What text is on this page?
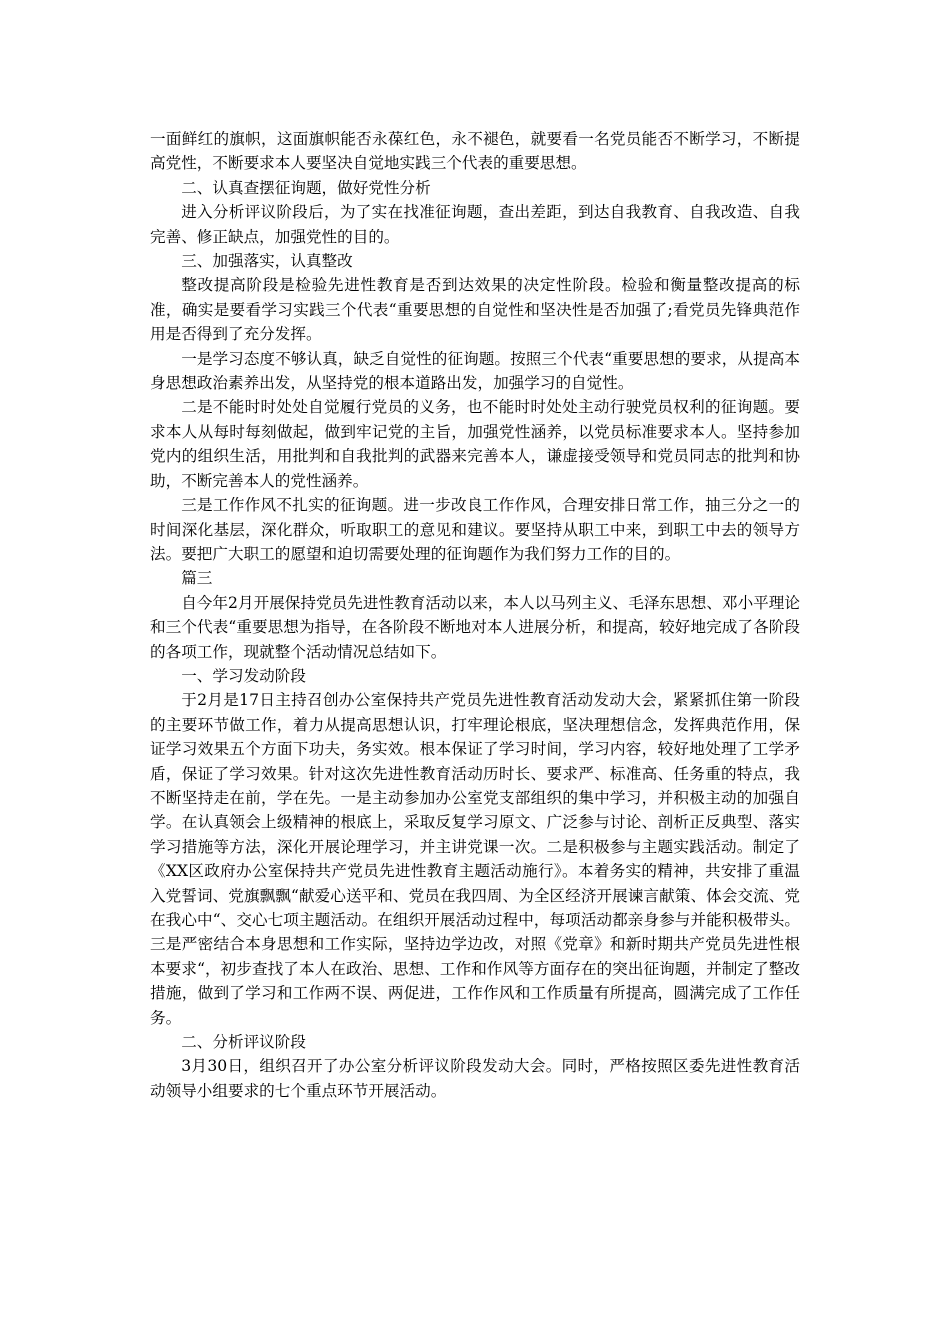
一面鲜红的旗帜，这面旗帜能否永葆红色，永不褪色，就要看一名党员能否不断学习，不断提高党性，不断要求本人要坚决自觉地实践三个代表的重要思想。

二、认真查摆征询题，做好党性分析

进入分析评议阶段后，为了实在找准征询题，查出差距，到达自我教育、自我改造、自我完善、修正缺点，加强党性的目的。

三、加强落实，认真整改

整改提高阶段是检验先进性教育是否到达效果的决定性阶段。检验和衡量整改提高的标准，确实是要看学习实践三个代表“重要思想的自觉性和坚决性是否加强了;看党员先锋典范作用是否得到了充分发挥。

一是学习态度不够认真，缺乏自觉性的征询题。按照三个代表“重要思想的要求，从提高本身思想政治素养出发，从坚持党的根本道路出发，加强学习的自觉性。

二是不能时时处处自觉履行党员的义务，也不能时时处处主动行驶党员权利的征询题。要求本人从每时每刻做起，做到牢记党的主旨，加强党性涵养，以党员标准要求本人。坚持参加党内的组织生活，用批判和自我批判的武器来完善本人，谦虚接受领导和党员同志的批判和协助，不断完善本人的党性涵养。

三是工作作风不扎实的征询题。进一步改良工作作风，合理安排日常工作，抽三分之一的时间深化基层，深化群众，听取职工的意见和建议。要坚持从职工中来，到职工中去的领导方法。要把广大职工的愿望和迫切需要处理的征询题作为我们努力工作的目的。

篇三

自今年2月开展保持党员先进性教育活动以来，本人以马列主义、毛泽东思想、邓小平理论和三个代表“重要思想为指导，在各阶段不断地对本人进展分析，和提高，较好地完成了各阶段的各项工作，现就整个活动情况总结如下。

一、学习发动阶段

于2月是17日主持召创办公室保持共产党员先进性教育活动发动大会，紧紧抓住第一阶段的主要环节做工作，着力从提高思想认识，打牢理论根底，坚决理想信念，发挥典范作用，保证学习效果五个方面下功夫，务实效。根本保证了学习时间，学习内容，较好地处理了工学矛盾，保证了学习效果。针对这次先进性教育活动历时长、要求严、标准高、任务重的特点，我不断坚持走在前，学在先。一是主动参加办公室党支部组织的集中学习，并积极主动的加强自学。在认真领会上级精神的根底上，采取反复学习原文、广泛参与讨论、剖析正反典型、落实学习措施等方法，深化开展论理学习，并主讲党课一次。二是积极参与主题实践活动。制定了《XX区政府办公室保持共产党员先进性教育主题活动施行》。本着务实的精神，共安排了重温入党誓词、党旗飘飘“献爱心送平和、党员在我四周、为全区经济开展谏言献策、体会交流、党在我心中“、交心七项主题活动。在组织开展活动过程中，每项活动都亲身参与并能积极带头。三是严密结合本身思想和工作实际，坚持边学边改，对照《党章》和新时期共产党员先进性根本要求“，初步查找了本人在政治、思想、工作和作风等方面存在的突出征询题，并制定了整改措施，做到了学习和工作两不误、两促进，工作作风和工作质量有所提高，圆满完成了工作任务。

二、分析评议阶段

3月30日，组织召开了办公室分析评议阶段发动大会。同时，严格按照区委先进性教育活动领导小组要求的七个重点环节开展活动。
